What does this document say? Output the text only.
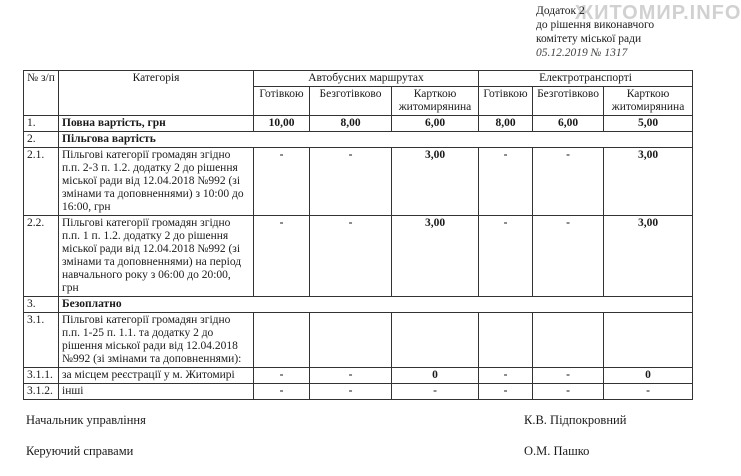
ЖИТОМИР.INFO
Додаток 2
до рішення виконавчого
комітету міської ради
05.12.2019 № 1317
№ з/п	Категорія	Автобусних маршрутах			Електротранспорті		
		Готівкою	Безготівково	Карткою житомирянина	Готівкою	Безготівково	Карткою житомирянина
1.	Повна вартість, грн	10,00	8,00	6,00	8,00	6,00	5,00
2.	Пільгова вартість						
2.1.	Пільгові категорії громадян згідно п.п. 2-3 п. 1.2. додатку 2 до рішення міської ради від 12.04.2018 №992 (зі змінами та доповненнями) з 10:00 до 16:00, грн	-	-	3,00	-	-	3,00
2.2.	Пільгові категорії громадян згідно п.п. 1 п. 1.2. додатку 2 до рішення міської ради від 12.04.2018 №992 (зі змінами та доповненнями) на період навчального року з 06:00 до 20:00, грн	-	-	3,00	-	-	3,00
3.	Безоплатно						
3.1.	Пільгові категорії громадян згідно п.п. 1-25 п. 1.1. та додатку 2 до рішення міської ради від 12.04.2018 №992 (зі змінами та доповненнями):						
3.1.1.	за місцем реєстрації у м. Житомирі	-	-	0	-	-	0
3.1.2.	інші	-	-	-	-	-	-
Начальник управління	К.В. Підпокровний
Керуючий справами	О.М. Пашко
